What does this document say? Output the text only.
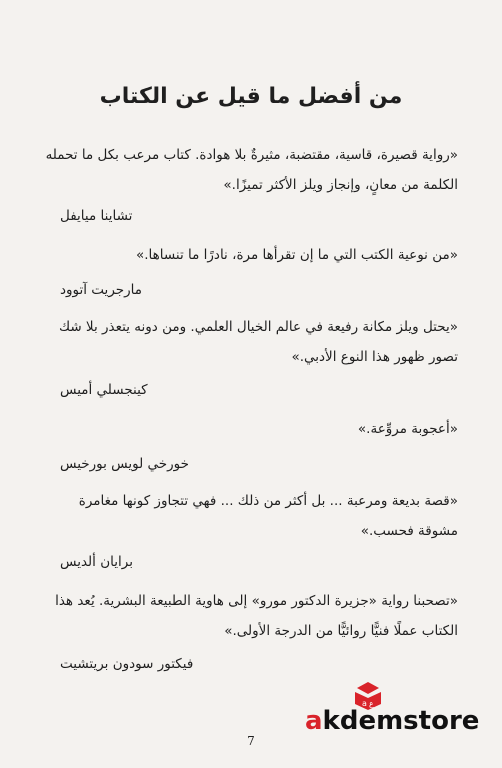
من أفضل ما قيل عن الكتاب
«رواية قصيرة، قاسية، مقتضبة، مثيرةٌ بلا هوادة. كتاب مرعب بكل ما تحمله الكلمة من معانٍ، وإنجاز ويلز الأكثر تميزًا.»
تشاينا ميايفل
«من نوعية الكتب التي ما إن تقرأها مرة، نادرًا ما تنساها.»
مارجريت آتوود
«يحتل ويلز مكانة رفيعة في عالم الخيال العلمي. ومن دونه يتعذر بلا شك تصور ظهور هذا النوع الأدبي.»
كينجسلي أميس
«أعجوبة مروِّعة.»
خورخي لويس بورخيس
«قصة بديعة ومرعبة ... بل أكثر من ذلك ... فهي تتجاوز كونها مغامرة مشوقة فحسب.»
برايان ألديس
«تصحبنا رواية «جزيرة الدكتور مورو» إلى هاوية الطبيعة البشرية. يُعد هذا الكتاب عملًا فنيًّا روائيًّا من الدرجة الأولى.»
فيكتور سودون بريتشيت
a ع
akdemstore
7
